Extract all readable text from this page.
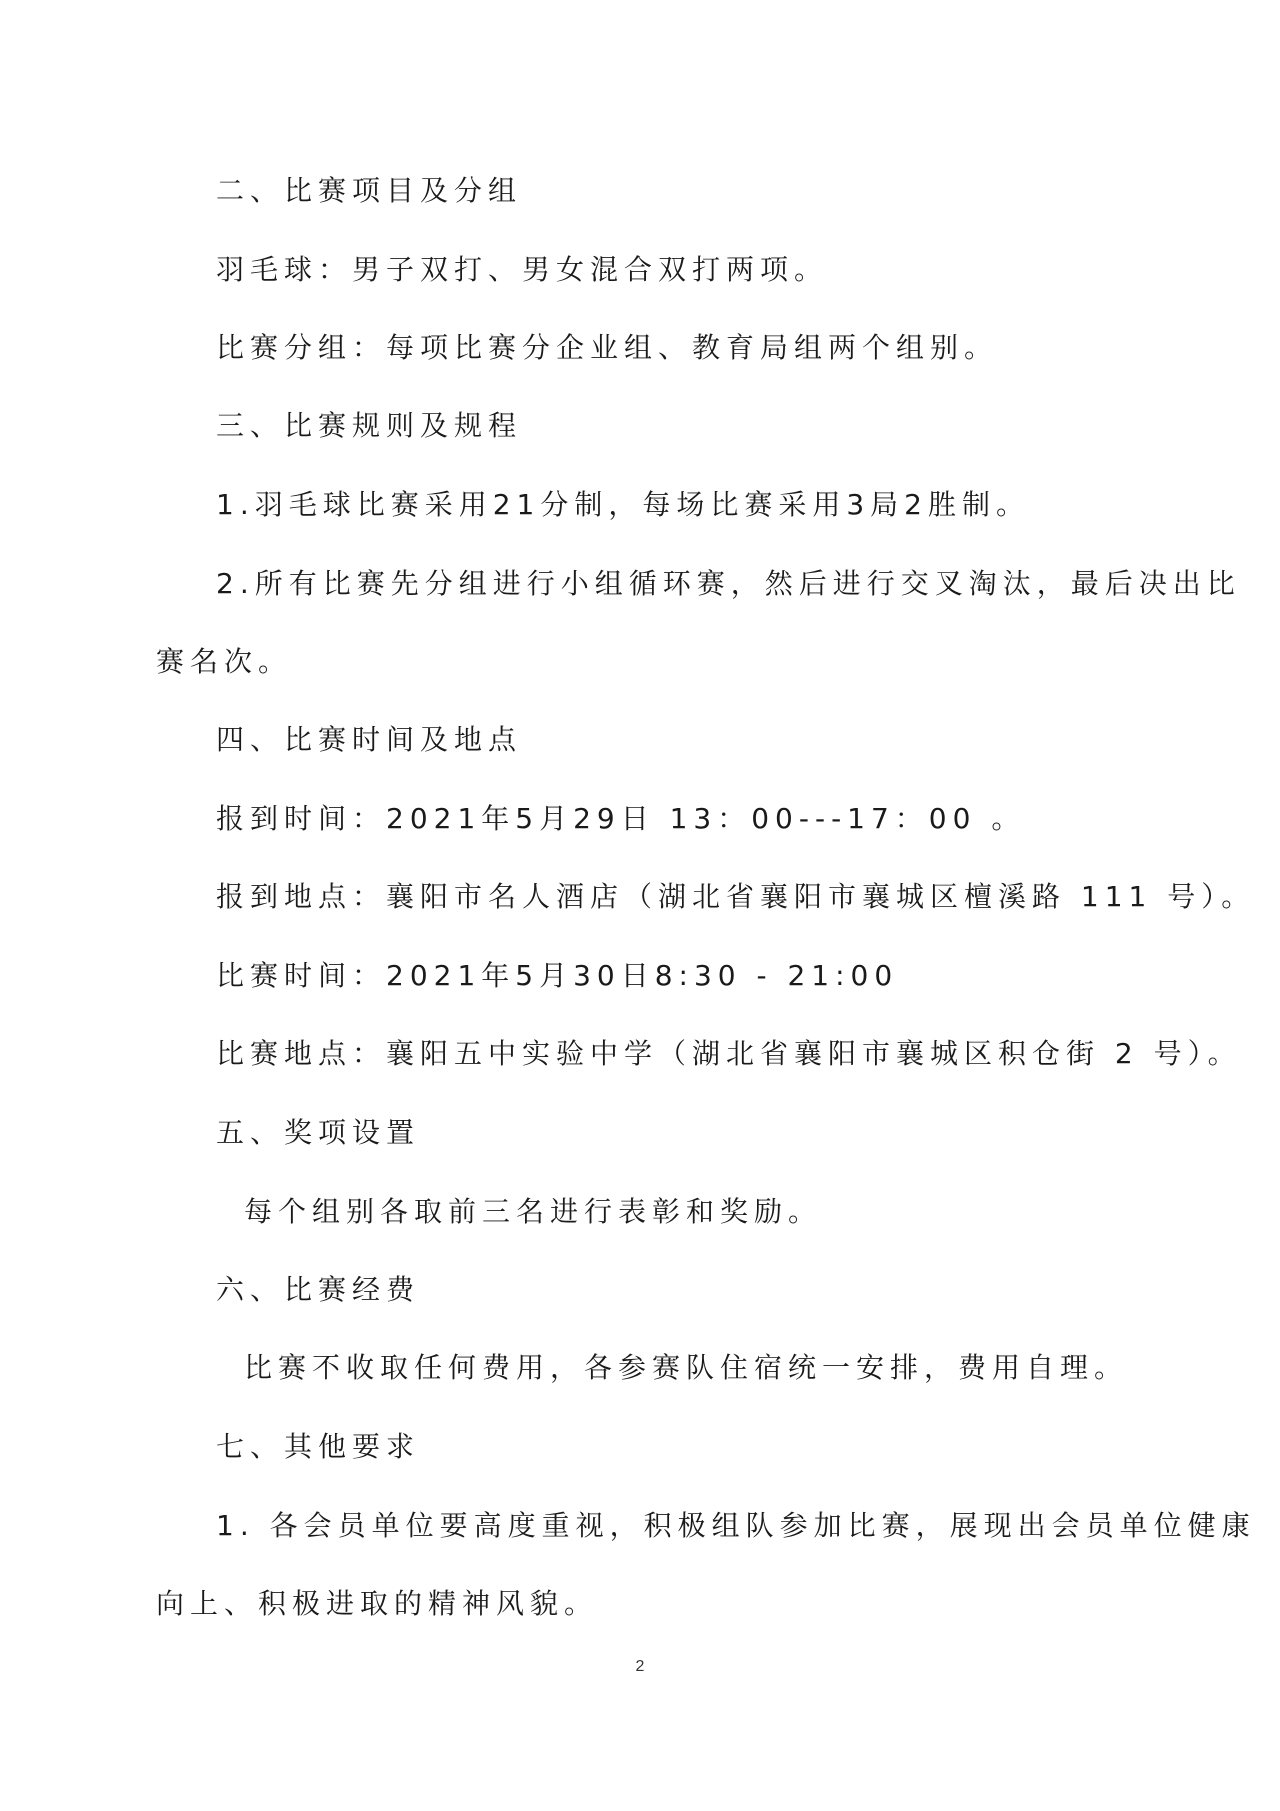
二、比赛项目及分组
羽毛球：男子双打、男女混合双打两项。
比赛分组：每项比赛分企业组、教育局组两个组别。
三、比赛规则及规程
1.羽毛球比赛采用21分制，每场比赛采用3局2胜制。
2.所有比赛先分组进行小组循环赛，然后进行交叉淘汰，最后决出比
赛名次。
四、比赛时间及地点
报到时间：2021年5月29日 13：00---17：00 。
报到地点：襄阳市名人酒店（湖北省襄阳市襄城区檀溪路 111 号）。
比赛时间：2021年5月30日8:30 - 21:00
比赛地点：襄阳五中实验中学（湖北省襄阳市襄城区积仓街 2 号）。
五、奖项设置
每个组别各取前三名进行表彰和奖励。
六、比赛经费
比赛不收取任何费用，各参赛队住宿统一安排，费用自理。
七、其他要求
1. 各会员单位要高度重视，积极组队参加比赛，展现出会员单位健康
向上、积极进取的精神风貌。
2
